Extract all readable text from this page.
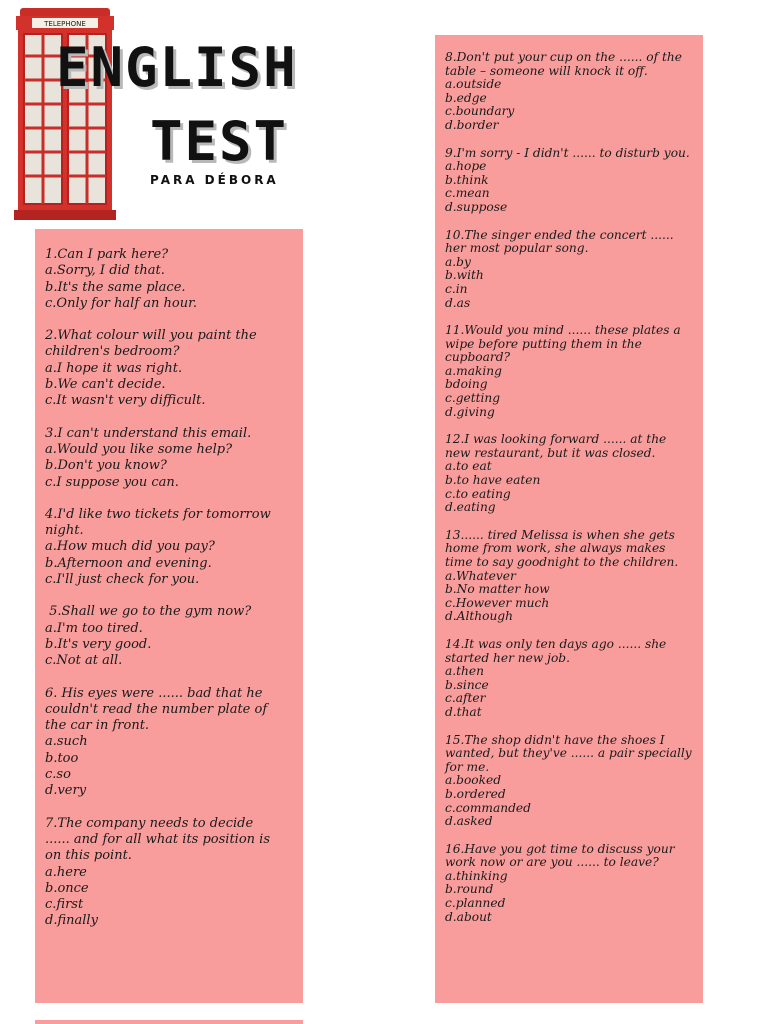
TELEPHONE
ENGLISH
TEST
PARA DÉBORA

1.Can I park here?

a.Sorry, I did that.

b.It's the same place.

c.Only for half an hour.

2.What colour will you paint the children's bedroom?

a.I hope it was right.

b.We can't decide.

c.It wasn't very difficult.

3.I can't understand this email.

a.Would you like some help?

b.Don't you know?

c.I suppose you can.

4.I'd like two tickets for tomorrow night.

a.How much did you pay?

b.Afternoon and evening.

c.I'll just check for you.

5.Shall we go to the gym now?

a.I'm too tired.

b.It's very good.

c.Not at all.

6. His eyes were ...... bad that he couldn't read the number plate of the car in front.

a.such

b.too

c.so

d.very

7.The company needs to decide ...... and for all what its position is on this point.

a.here

b.once

c.first

d.finally

8.Don't put your cup on the ...... of the table – someone will knock it off.

a.outside

b.edge

c.boundary

d.border

9.I'm sorry - I didn't ...... to disturb you.

a.hope

b.think

c.mean

d.suppose

10.The singer ended the concert ...... her most popular song.

a.by

b.with

c.in

d.as

11.Would you mind ...... these plates a wipe before putting them in the cupboard?

a.making

bdoing

c.getting

d.giving

12.I was looking forward ...... at the new restaurant, but it was closed.

a.to eat

b.to have eaten

c.to eating

d.eating

13...... tired Melissa is when she gets home from work, she always makes time to say goodnight to the children.

a.Whatever

b.No matter how

c.However much

d.Although

14.It was only ten days ago ...... she started her new job.

a.then

b.since

c.after

d.that

15.The shop didn't have the shoes I wanted, but they've ...... a pair specially for me.

a.booked

b.ordered

c.commanded

d.asked

16.Have you got time to discuss your work now or are you ...... to leave?

a.thinking

b.round

c.planned

d.about
